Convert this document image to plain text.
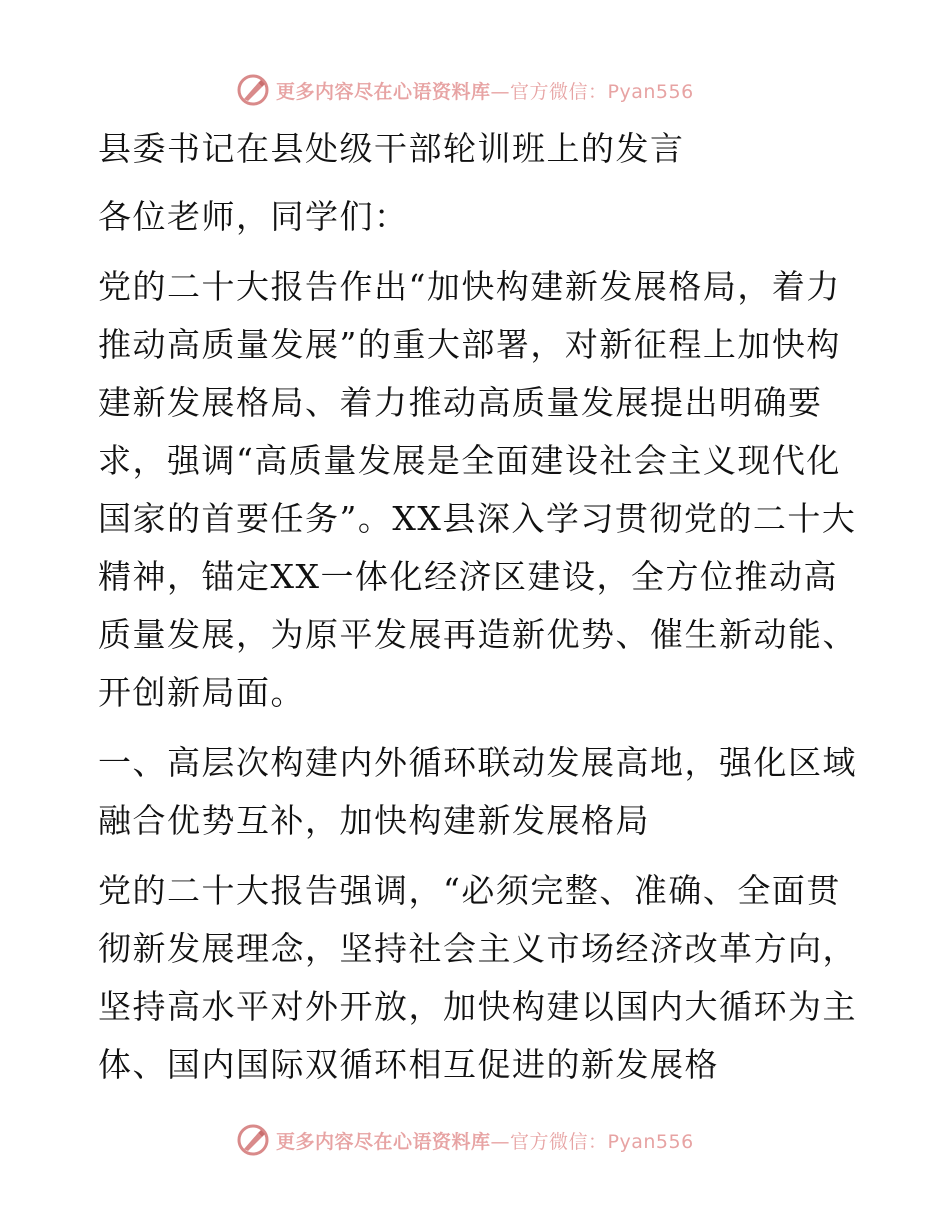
更多内容尽在心语资料库 —官方微信：Pyan556

县委书记在县处级干部轮训班上的发言

各位老师，同学们：

党的二十大报告作出“加快构建新发展格局，着力推动高质量发展”的重大部署，对新征程上加快构建新发展格局、着力推动高质量发展提出明确要求，强调“高质量发展是全面建设社会主义现代化国家的首要任务”。XX县深入学习贯彻党的二十大精神，锚定XX一体化经济区建设，全方位推动高质量发展，为原平发展再造新优势、催生新动能、开创新局面。

一、高层次构建内外循环联动发展高地，强化区域融合优势互补，加快构建新发展格局

党的二十大报告强调，“必须完整、准确、全面贯彻新发展理念，坚持社会主义市场经济改革方向，坚持高水平对外开放，加快构建以国内大循环为主体、国内国际双循环相互促进的新发展格

更多内容尽在心语资料库 —官方微信：Pyan556
